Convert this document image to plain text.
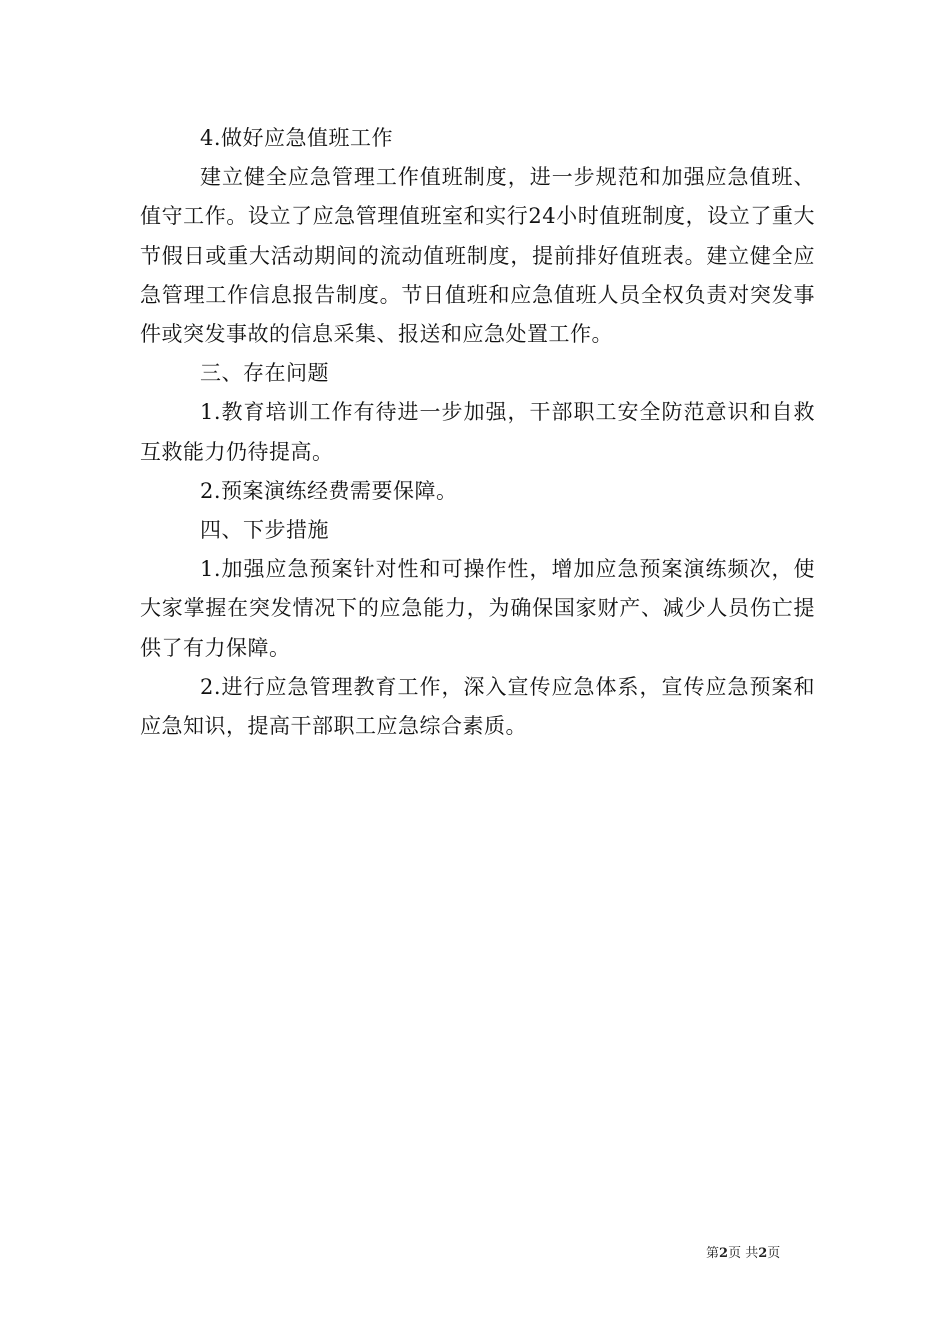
4.做好应急值班工作

建立健全应急管理工作值班制度，进一步规范和加强应急值班、值守工作。设立了应急管理值班室和实行24小时值班制度，设立了重大节假日或重大活动期间的流动值班制度，提前排好值班表。建立健全应急管理工作信息报告制度。节日值班和应急值班人员全权负责对突发事件或突发事故的信息采集、报送和应急处置工作。

三、存在问题

1.教育培训工作有待进一步加强，干部职工安全防范意识和自救互救能力仍待提高。

2.预案演练经费需要保障。

四、下步措施

1.加强应急预案针对性和可操作性，增加应急预案演练频次，使大家掌握在突发情况下的应急能力，为确保国家财产、减少人员伤亡提供了有力保障。

2.进行应急管理教育工作，深入宣传应急体系，宣传应急预案和应急知识，提高干部职工应急综合素质。

第2页 共2页
